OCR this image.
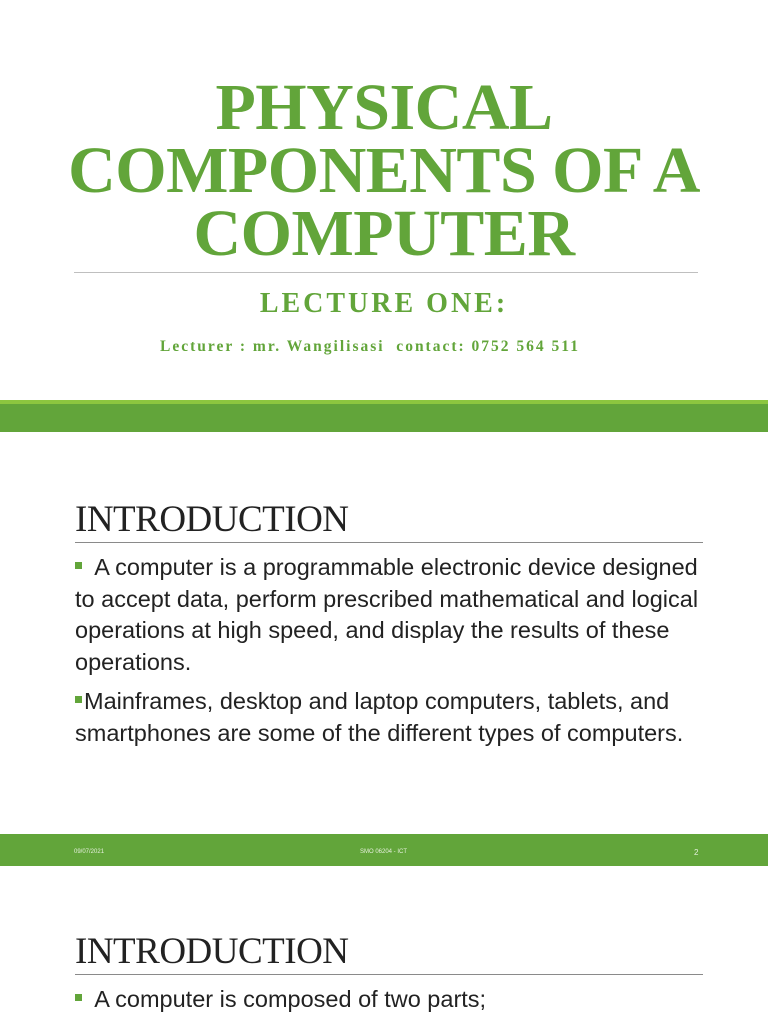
PHYSICAL
COMPONENTS OF A
COMPUTER
LECTURE ONE:
Lecturer : mr. Wangilisasi  contact: 0752 564 511
INTRODUCTION
A computer is a programmable electronic device designed to accept data, perform prescribed mathematical and logical operations at high speed, and display the results of these operations.
Mainframes, desktop and laptop computers, tablets, and smartphones are some of the different types of computers.
09/07/2021	SMO 06204 - ICT	2
INTRODUCTION
A computer is composed of two parts;
